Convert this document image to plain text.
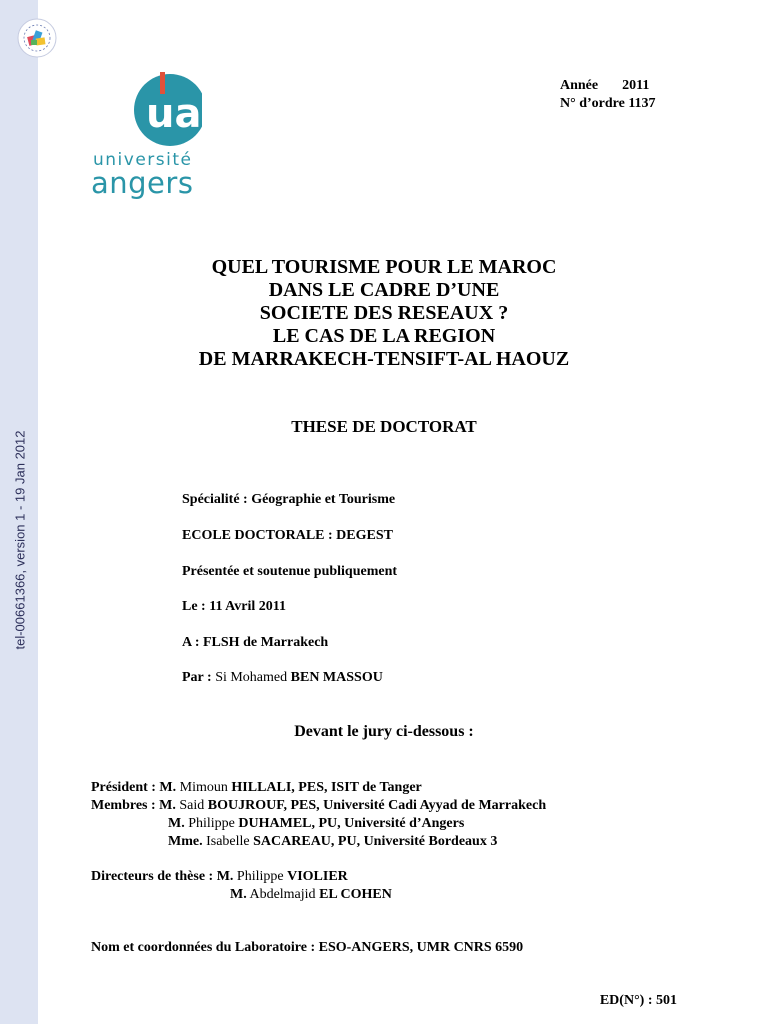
tel-00661366, version 1 - 19 Jan 2012
ua
université
angers
Année 2011
N° d’ordre 1137
QUEL TOURISME POUR LE MAROC
DANS LE CADRE D’UNE
SOCIETE DES RESEAUX ?
LE CAS DE LA REGION
DE MARRAKECH-TENSIFT-AL HAOUZ
THESE DE DOCTORAT
Spécialité : Géographie et Tourisme
ECOLE DOCTORALE : DEGEST
Présentée et soutenue publiquement
Le : 11 Avril 2011
A : FLSH de Marrakech
Par : Si Mohamed BEN MASSOU
Devant le jury ci-dessous :
Président : M. Mimoun HILLALI, PES, ISIT de Tanger
Membres : M. Said BOUJROUF, PES, Université Cadi Ayyad de Marrakech
M. Philippe DUHAMEL, PU, Université d’Angers
Mme. Isabelle SACAREAU, PU, Université Bordeaux 3
Directeurs de thèse : M. Philippe VIOLIER
M. Abdelmajid EL COHEN
Nom et coordonnées du Laboratoire : ESO-ANGERS, UMR CNRS 6590
ED(N°) : 501
